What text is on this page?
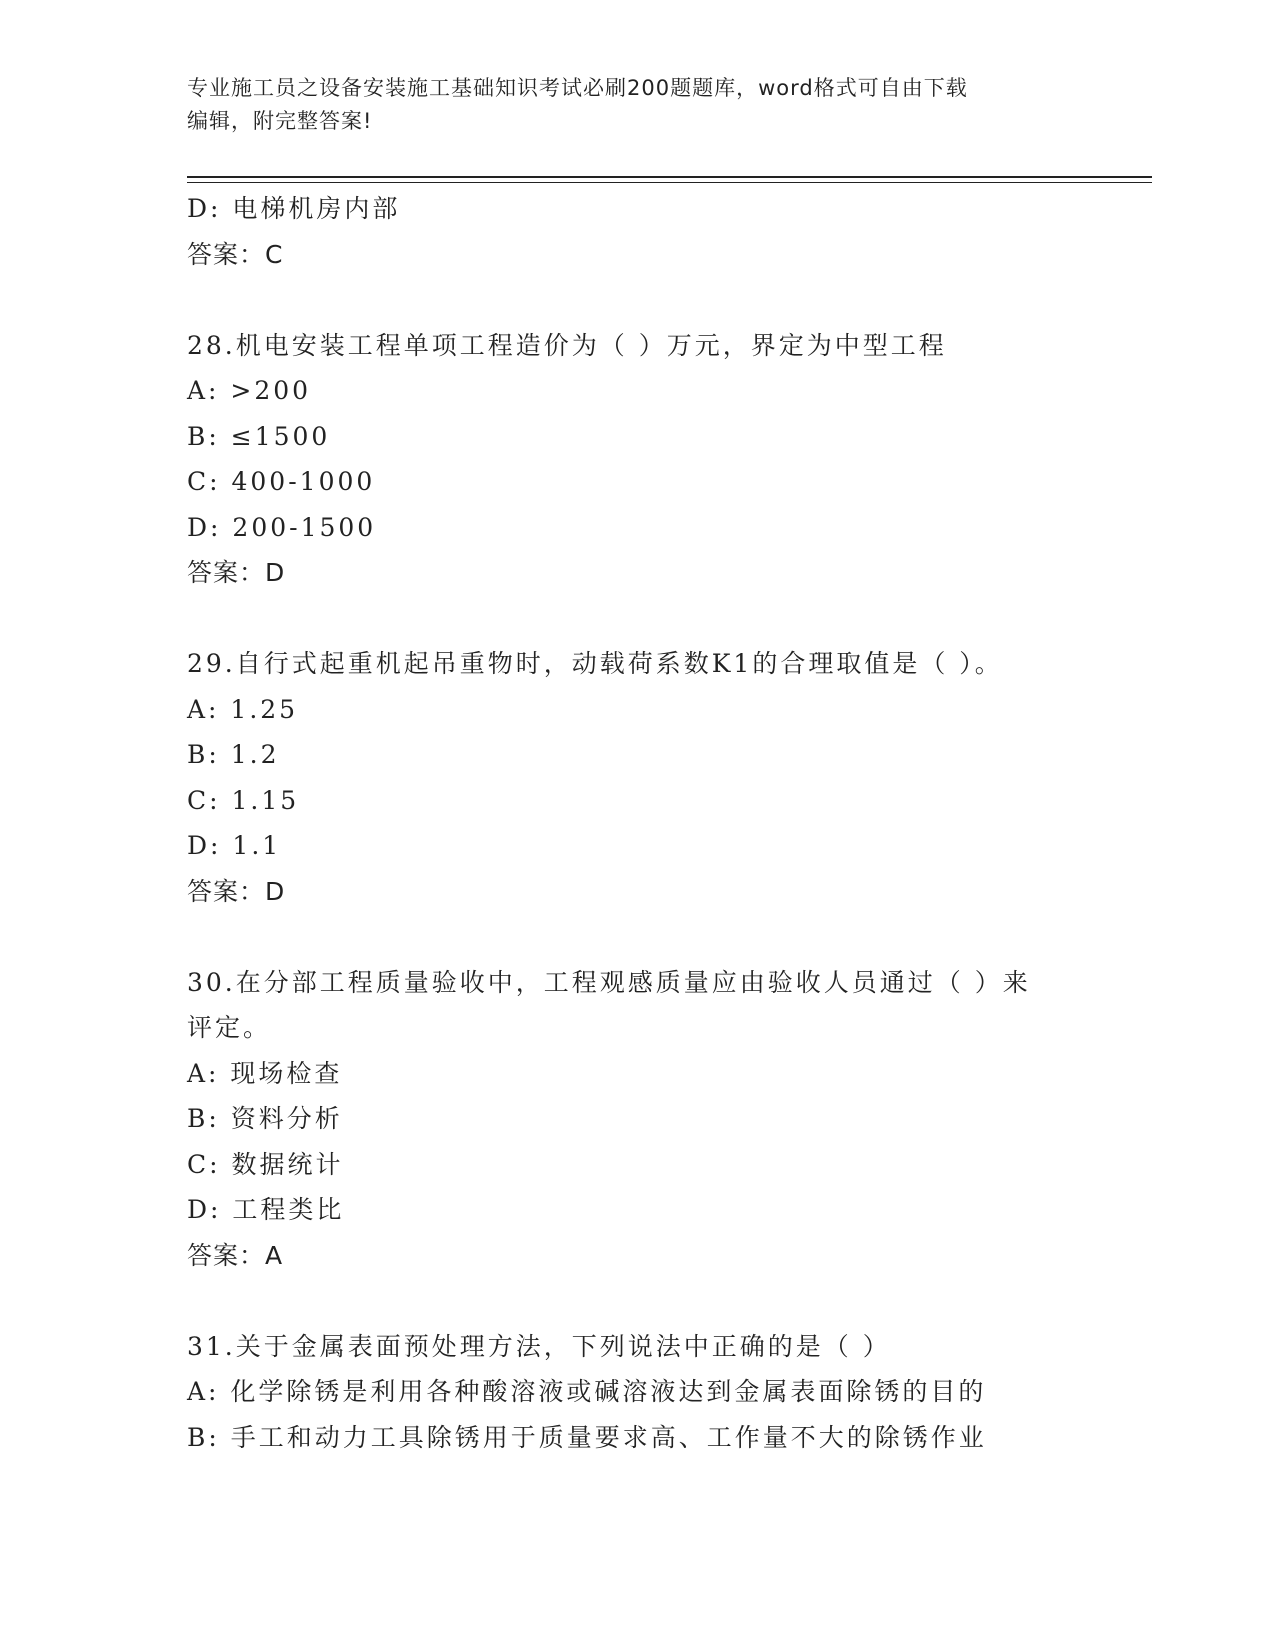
专业施工员之设备安装施工基础知识考试必刷200题题库，word格式可自由下载
编辑，附完整答案!
D: 电梯机房内部
答案：C
28.机电安装工程单项工程造价为（ ）万元，界定为中型工程
A: >200
B: ≤1500
C: 400-1000
D: 200-1500
答案：D
29.自行式起重机起吊重物时，动载荷系数K1的合理取值是（ ）。
A: 1.25
B: 1.2
C: 1.15
D: 1.1
答案：D
30.在分部工程质量验收中，工程观感质量应由验收人员通过（ ）来
评定。
A: 现场检查
B: 资料分析
C: 数据统计
D: 工程类比
答案：A
31.关于金属表面预处理方法，下列说法中正确的是（ ）
A: 化学除锈是利用各种酸溶液或碱溶液达到金属表面除锈的目的
B: 手工和动力工具除锈用于质量要求高、工作量不大的除锈作业
